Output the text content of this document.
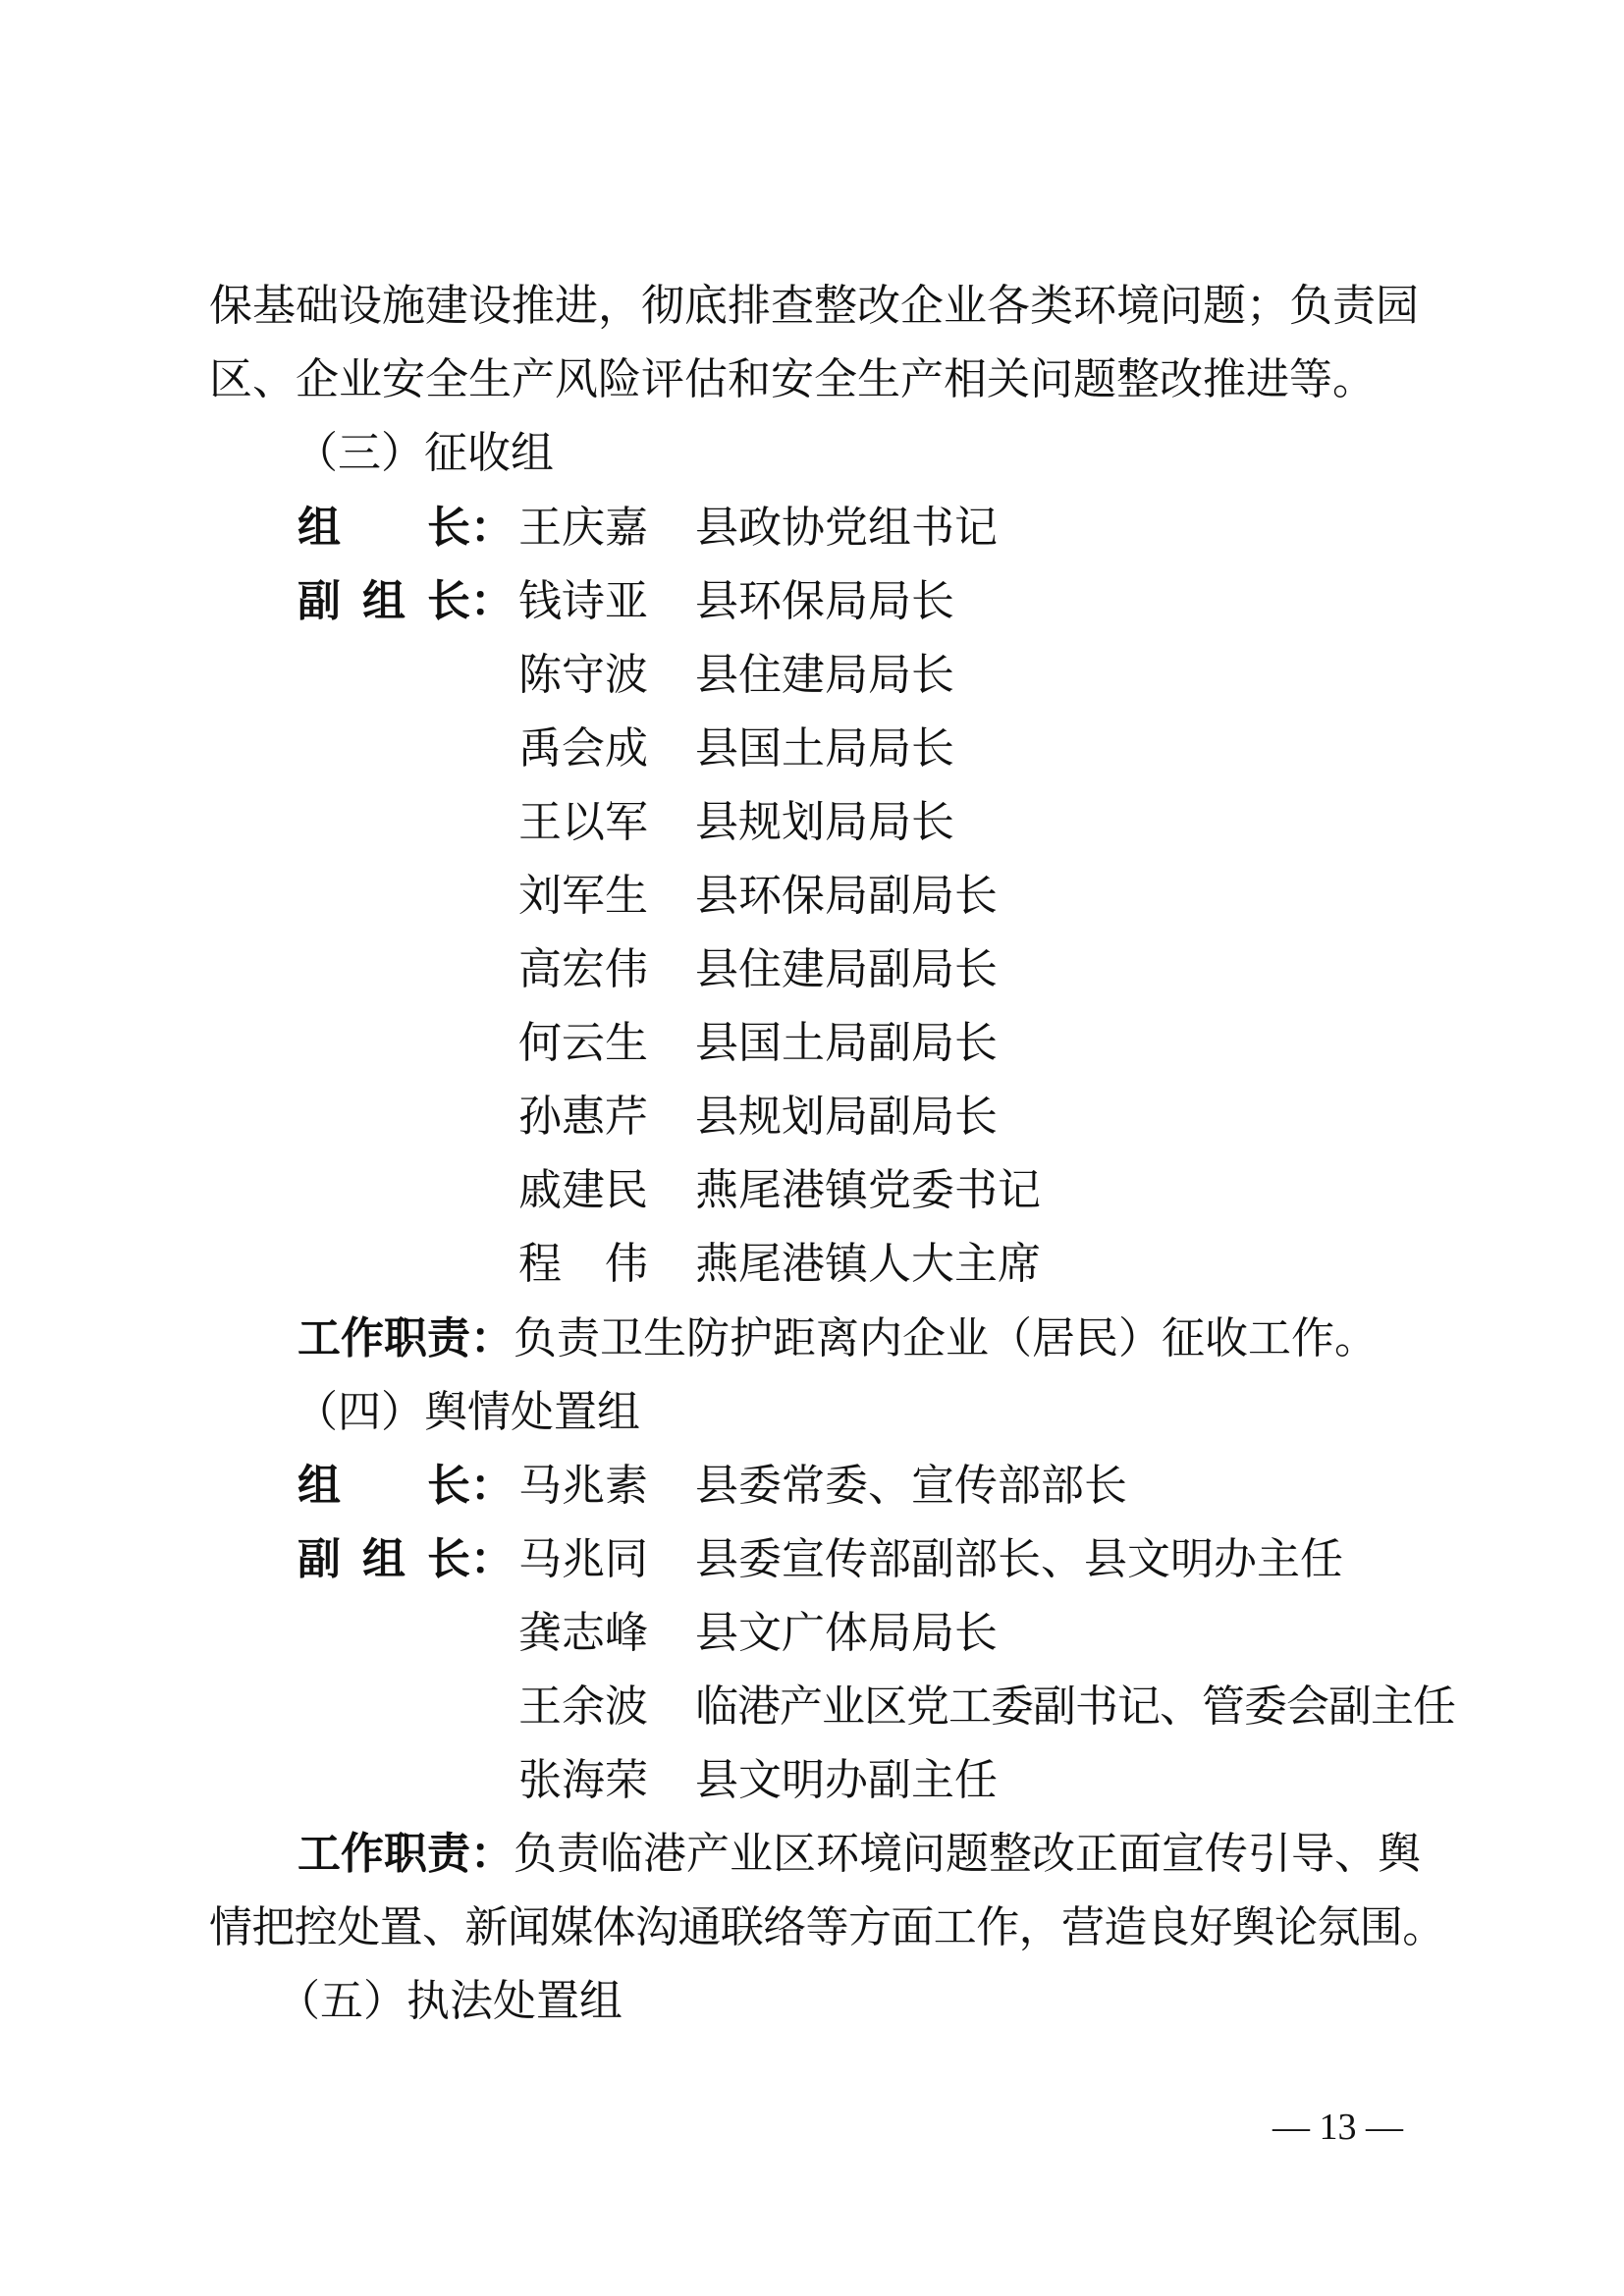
保基础设施建设推进，彻底排查整改企业各类环境问题；负责园
区、企业安全生产风险评估和安全生产相关问题整改推进等。
（三）征收组
组长： 王庆嘉 县政协党组书记
副组长： 钱诗亚 县环保局局长
陈守波 县住建局局长
禹会成 县国土局局长
王以军 县规划局局长
刘军生 县环保局副局长
高宏伟 县住建局副局长
何云生 县国土局副局长
孙惠芹 县规划局副局长
戚建民 燕尾港镇党委书记
程　伟 燕尾港镇人大主席
工作职责：负责卫生防护距离内企业（居民）征收工作。
（四）舆情处置组
组长： 马兆素 县委常委、宣传部部长
副组长： 马兆同 县委宣传部副部长、县文明办主任
龚志峰 县文广体局局长
王余波 临港产业区党工委副书记、管委会副主任
张海荣 县文明办副主任
工作职责：负责临港产业区环境问题整改正面宣传引导、舆
情把控处置、新闻媒体沟通联络等方面工作，营造良好舆论氛围。
（五）执法处置组
— 13 —
